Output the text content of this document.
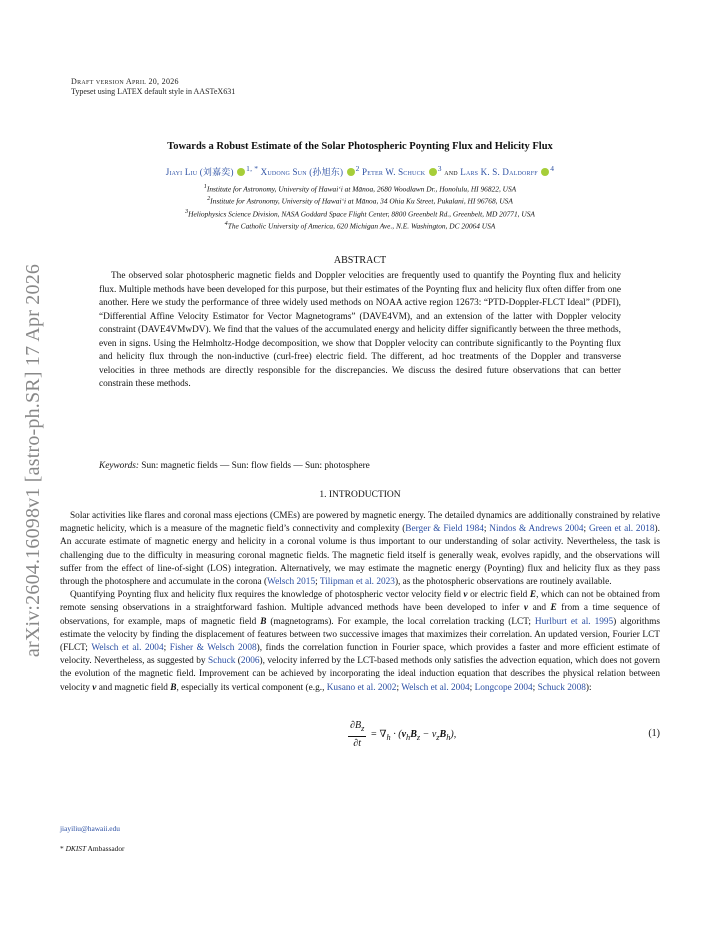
arXiv:2604.16098v1 [astro-ph.SR] 17 Apr 2026
Draft version April 20, 2026
Typeset using LATEX default style in AASTeX631
Towards a Robust Estimate of the Solar Photospheric Poynting Flux and Helicity Flux
Jiayi Liu (刘嘉奕) $^{1, *}$ Xudong Sun (孙旭东) $^2$ Peter W. Schuck $^3$ and Lars K. S. Daldorff $^4$
$^1$Institute for Astronomy, University of Hawaiʻi at Mānoa, 2680 Woodlawn Dr., Honolulu, HI 96822, USA
$^2$Institute for Astronomy, University of Hawaiʻi at Mānoa, 34 Ohia Ku Street, Pukalani, HI 96768, USA
$^3$Heliophysics Science Division, NASA Goddard Space Flight Center, 8800 Greenbelt Rd., Greenbelt, MD 20771, USA
$^4$The Catholic University of America, 620 Michigan Ave., N.E. Washington, DC 20064 USA
ABSTRACT
The observed solar photospheric magnetic fields and Doppler velocities are frequently used to quantify the Poynting flux and helicity flux. Multiple methods have been developed for this purpose, but their estimates of the Poynting flux and helicity flux often differ from one another. Here we study the performance of three widely used methods on NOAA active region 12673: “PTD-Doppler-FLCT Ideal” (PDFI), “Differential Affine Velocity Estimator for Vector Magnetograms” (DAVE4VM), and an extension of the latter with Doppler velocity constraint (DAVE4VMwDV). We find that the values of the accumulated energy and helicity differ significantly between the three methods, even in signs. Using the Helmholtz-Hodge decomposition, we show that Doppler velocity can contribute significantly to the Poynting flux and helicity flux through the non-inductive (curl-free) electric field. The different, ad hoc treatments of the Doppler and transverse velocities in three methods are directly responsible for the discrepancies. We discuss the desired future observations that can better constrain these methods.
Keywords: Sun: magnetic fields — Sun: flow fields — Sun: photosphere
1. INTRODUCTION

Solar activities like flares and coronal mass ejections (CMEs) are powered by magnetic energy. The detailed dynamics are additionally constrained by relative magnetic helicity, which is a measure of the magnetic field’s connectivity and complexity (Berger & Field 1984; Nindos & Andrews 2004; Green et al. 2018). An accurate estimate of magnetic energy and helicity in a coronal volume is thus important to our understanding of solar activity. Nevertheless, the task is challenging due to the difficulty in measuring coronal magnetic fields. The magnetic field itself is generally weak, evolves rapidly, and the observations will suffer from the effect of line-of-sight (LOS) integration. Alternatively, we may estimate the magnetic energy (Poynting) flux and helicity flux as they pass through the photosphere and accumulate in the corona (Welsch 2015; Tilipman et al. 2023), as the photospheric observations are routinely available.

Quantifying Poynting flux and helicity flux requires the knowledge of photospheric vector velocity field v or electric field E, which can not be obtained from remote sensing observations in a straightforward fashion. Multiple advanced methods have been developed to infer v and E from a time sequence of observations, for example, maps of magnetic field B (magnetograms). For example, the local correlation tracking (LCT; Hurlburt et al. 1995) algorithms estimate the velocity by finding the displacement of features between two successive images that maximizes their correlation. An updated version, Fourier LCT (FLCT; Welsch et al. 2004; Fisher & Welsch 2008), finds the correlation function in Fourier space, which provides a faster and more efficient estimate of velocity. Nevertheless, as suggested by Schuck (2006), velocity inferred by the LCT-based methods only satisfies the advection equation, which does not govern the evolution of the magnetic field. Improvement can be achieved by incorporating the ideal induction equation that describes the physical relation between velocity v and magnetic field B, especially its vertical component (e.g., Kusano et al. 2002; Welsch et al. 2004; Longcope 2004; Schuck 2008):

$\frac{\partial B_z}{\partial t} = \nabla_h \cdot (v_hB_z - v_zB_h)$,	(1)
jiayiliu@hawaii.edu
* DKIST Ambassador
